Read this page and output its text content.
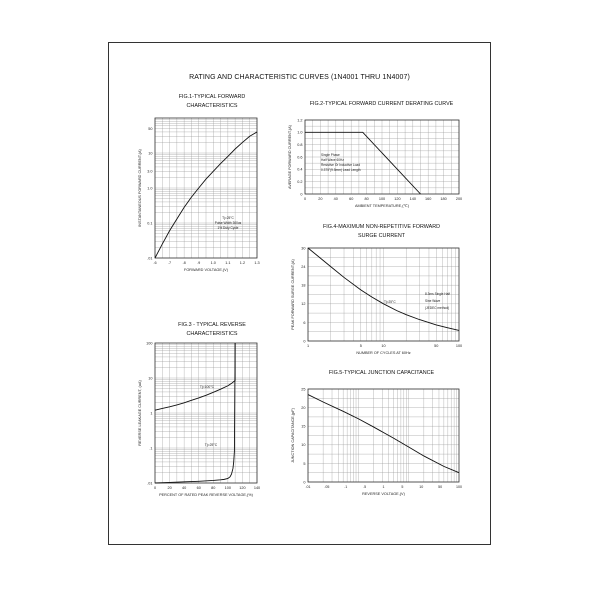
RATING AND CHARACTERISTIC CURVES (1N4001 THRU 1N4007)
FIG.1-TYPICAL FORWARD
CHARACTERISTICS	FIG.2-TYPICAL FORWARD CURRENT DERATING CURVE
FIG.4-MAXIMUM NON-REPETITIVE FORWARD
SURGE CURRENT
FIG.3 - TYPICAL REVERSE
CHARACTERISTICS
FIG.5-TYPICAL JUNCTION CAPACITANCE
.6	.7	.8	.9	1.0 1.1 1.2 1.3
.01
0.1
1.0
3.0
10
50
FORWARD VOLTAGE,(V)
INSTANTANEOUS FORWARD CURRENT,(A)	Tj=25°C
Pulse Width 300us
1% Duty Cycle
0	20	40	60	80	100 120 140 160 180 200
0
0.2
0.4
0.6
0.8
1.0
1.2
AMBIENT TEMPERATURE,(℃)
AVERAGE FORWARD CURRENT,(A)	Single Phase
Half Wave 60Hz
Resistive Or Inductive Load
0.375"(9.5mm) Lead Length
0	20	40	60	80 100 120 140
.01
.1
1
10
100
PERCENT OF RATED PEAK REVERSE VOLTAGE,(%)
REVERSE LEAKAGE CURRENT, (uA)	Tj=100°C
Tj=25°C
1	5	10	50	100
0
6
12
18
24
30
NUMBER OF CYCLES AT 60Hz
PEAK FORWARD SURGE CURRENT,(A)	Tj=25°C
8.3ms Single Half
Sine Wave
(JEDEC method)
.01	.05	.1	.5	1	5	10	50	100
0
5
10
15
20
25
REVERSE VOLTAGE,(V)
JUNCTION CAPACITANCE,(pF)
